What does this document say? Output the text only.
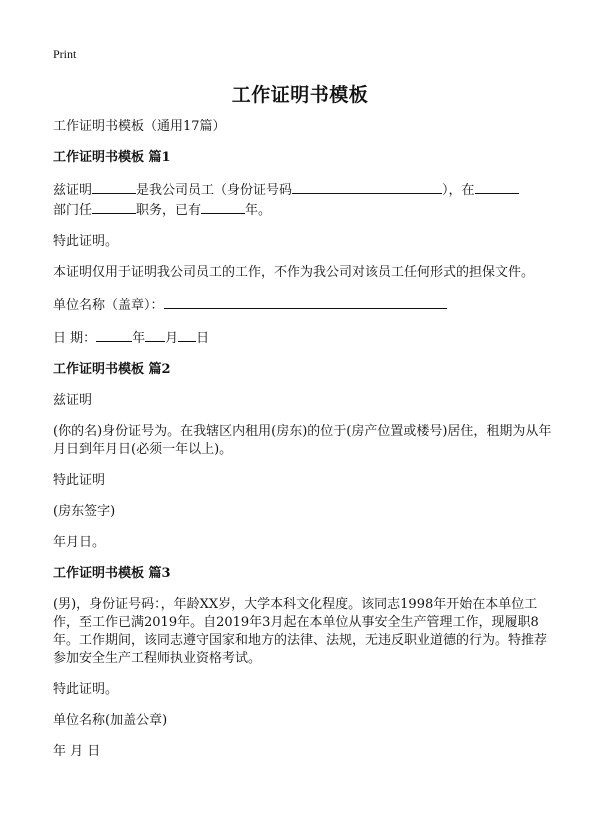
Print
工作证明书模板

工作证明书模板（通用17篇）

工作证明书模板 篇1

兹证明	是我公司员工（身份证号码	），在
部门任	职务，已有	年。

特此证明。

本证明仅用于证明我公司员工的工作，不作为我公司对该员工任何形式的担保文件。

单位名称（盖章）：

日 期：	年 月 日

工作证明书模板 篇2

兹证明

(你的名)身份证号为。在我辖区内租用(房东)的位于(房产位置或楼号)居住，租期为从年月日到年月日(必须一年以上)。

特此证明

(房东签字)

年月日。

工作证明书模板 篇3

(男)，身份证号码：，年龄XX岁，大学本科文化程度。该同志1998年开始在本单位工作，至工作已满2019年。自2019年3月起在本单位从事安全生产管理工作，现履职8年。工作期间，该同志遵守国家和地方的法律、法规，无违反职业道德的行为。特推荐参加安全生产工程师执业资格考试。

特此证明。

单位名称(加盖公章)

年 月 日
